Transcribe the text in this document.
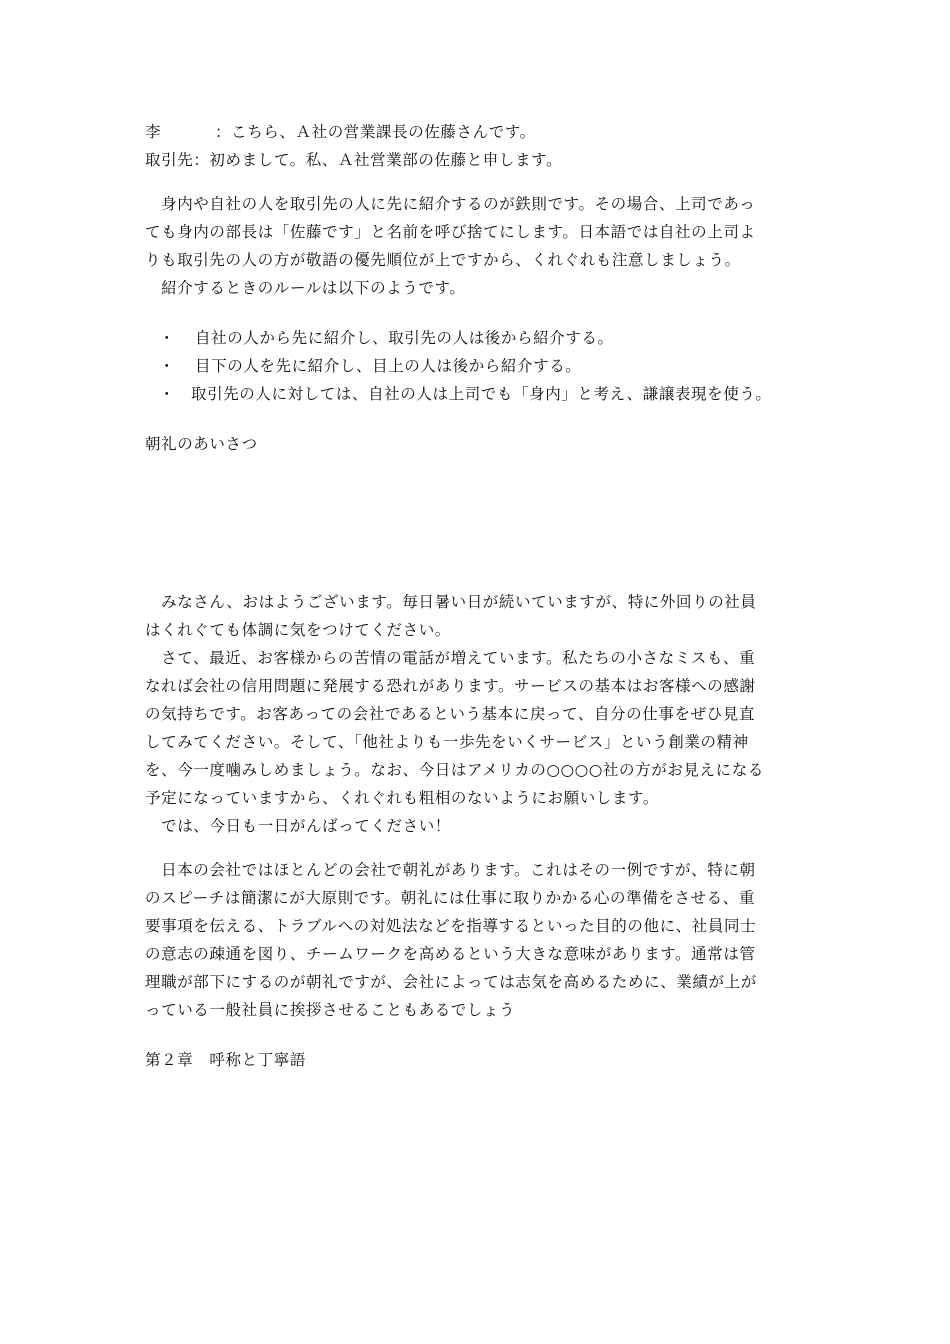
李	：こちら、Ａ社の営業課長の佐藤さんです。
取引先：初めまして。私、Ａ社営業部の佐藤と申します。
　身内や自社の人を取引先の人に先に紹介するのが鉄則です。その場合、上司であっ
ても身内の部長は「佐藤です」と名前を呼び捨てにします。日本語では自社の上司よ
りも取引先の人の方が敬語の優先順位が上ですから、くれぐれも注意しましょう。
　紹介するときのルールは以下のようです。
・ 自社の人から先に紹介し、取引先の人は後から紹介する。
・ 目下の人を先に紹介し、目上の人は後から紹介する。
・ 取引先の人に対しては、自社の人は上司でも「身内」と考え、謙譲表現を使う。
朝礼のあいさつ
　みなさん、おはようございます。毎日暑い日が続いていますが、特に外回りの社員
はくれぐても体調に気をつけてください。
　さて、最近、お客様からの苦情の電話が増えています。私たちの小さなミスも、重
なれば会社の信用問題に発展する恐れがあります。サービスの基本はお客様への感謝
の気持ちです。お客あっての会社であるという基本に戻って、自分の仕事をぜひ見直
してみてください。そして、「他社よりも一歩先をいくサービス」という創業の精神
を、今一度噛みしめましょう。なお、今日はアメリカの○○○○社の方がお見えになる
予定になっていますから、くれぐれも粗相のないようにお願いします。
　では、今日も一日がんばってください！
　日本の会社ではほとんどの会社で朝礼があります。これはその一例ですが、特に朝
のスピーチは簡潔にが大原則です。朝礼には仕事に取りかかる心の準備をさせる、重
要事項を伝える、トラブルへの対処法などを指導するといった目的の他に、社員同士
の意志の疎通を図り、チームワークを高めるという大きな意味があります。通常は管
理職が部下にするのが朝礼ですが、会社によっては志気を高めるために、業績が上が
っている一般社員に挨拶させることもあるでしょう
第２章　呼称と丁寧語
